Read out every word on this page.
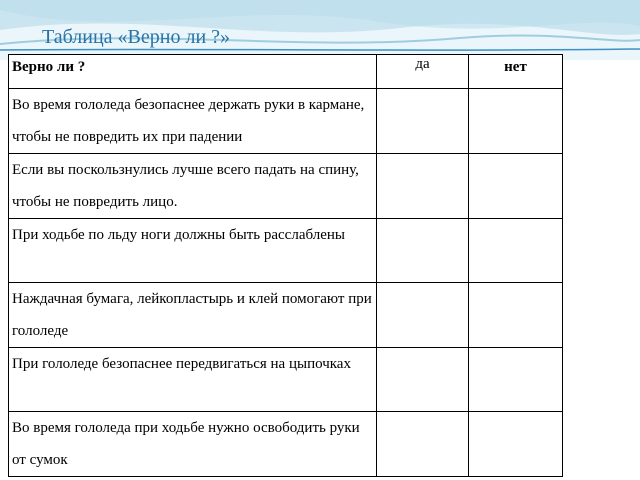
Таблица «Верно ли ?»
Верно ли ?	да	нет
Во время гололеда безопаснее держать руки в кармане, чтобы не повредить их при падении		
Если вы поскользнулись лучше всего падать на спину, чтобы не повредить лицо.		
При ходьбе по льду ноги должны быть расслаблены		
Наждачная бумага, лейкопластырь и клей помогают при гололеде		
При гололеде безопаснее передвигаться на цыпочках		
Во время гололеда при ходьбе нужно освободить руки от сумок		
